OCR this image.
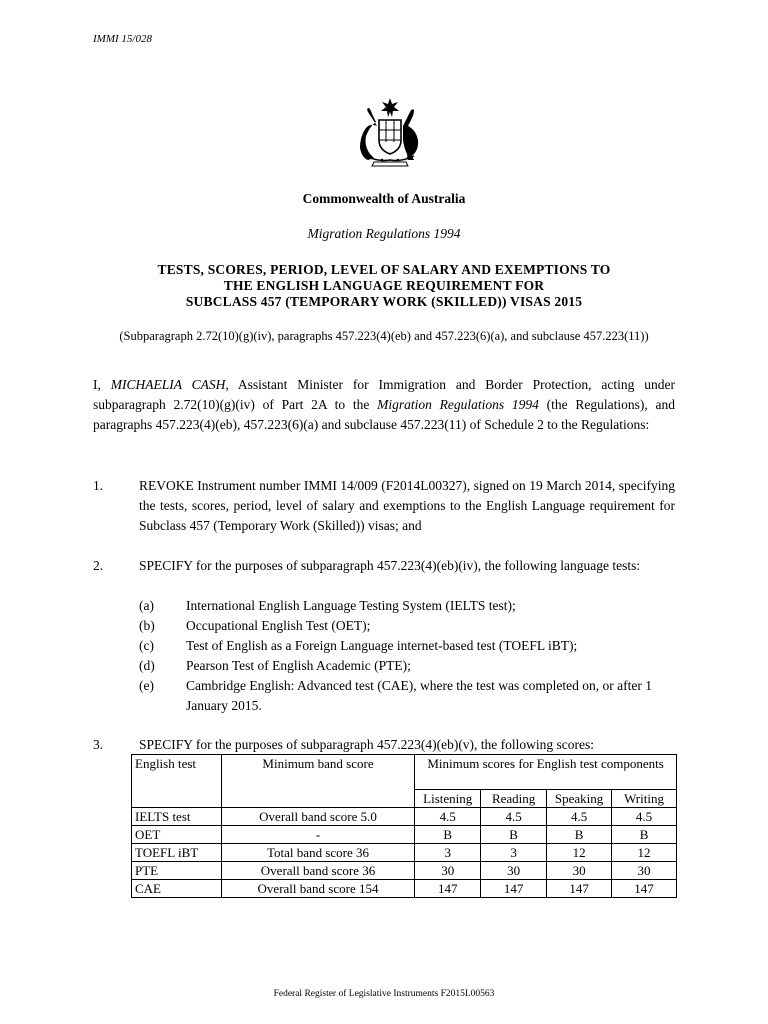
IMMI 15/028
Commonwealth of Australia
Migration Regulations 1994
TESTS, SCORES, PERIOD, LEVEL OF SALARY AND EXEMPTIONS TO
THE ENGLISH LANGUAGE REQUIREMENT FOR
SUBCLASS 457 (TEMPORARY WORK (SKILLED)) VISAS 2015
(Subparagraph 2.72(10)(g)(iv), paragraphs 457.223(4)(eb) and 457.223(6)(a), and subclause 457.223(11))
I, MICHAELIA CASH, Assistant Minister for Immigration and Border Protection, acting under subparagraph 2.72(10)(g)(iv) of Part 2A to the Migration Regulations 1994 (the Regulations), and paragraphs 457.223(4)(eb), 457.223(6)(a) and subclause 457.223(11) of Schedule 2 to the Regulations:
1.	REVOKE Instrument number IMMI 14/009 (F2014L00327), signed on 19 March 2014, specifying the tests, scores, period, level of salary and exemptions to the English Language requirement for Subclass 457 (Temporary Work (Skilled)) visas; and
2.	SPECIFY for the purposes of subparagraph 457.223(4)(eb)(iv), the following language tests:
(a) International English Language Testing System (IELTS test);
(b) Occupational English Test (OET);
(c) Test of English as a Foreign Language internet-based test (TOEFL iBT);
(d) Pearson Test of English Academic (PTE);
(e) Cambridge English: Advanced test (CAE), where the test was completed on, or after 1 January 2015.
3.	SPECIFY for the purposes of subparagraph 457.223(4)(eb)(v), the following scores:
English test	Minimum band score	Minimum scores for English test components			
		Listening	Reading	Speaking	Writing
IELTS test	Overall band score 5.0	4.5	4.5	4.5	4.5
OET	-	B	B	B	B
TOEFL iBT	Total band score 36	3	3	12	12
PTE	Overall band score 36	30	30	30	30
CAE	Overall band score 154	147	147	147	147
Federal Register of Legislative Instruments F2015L00563
